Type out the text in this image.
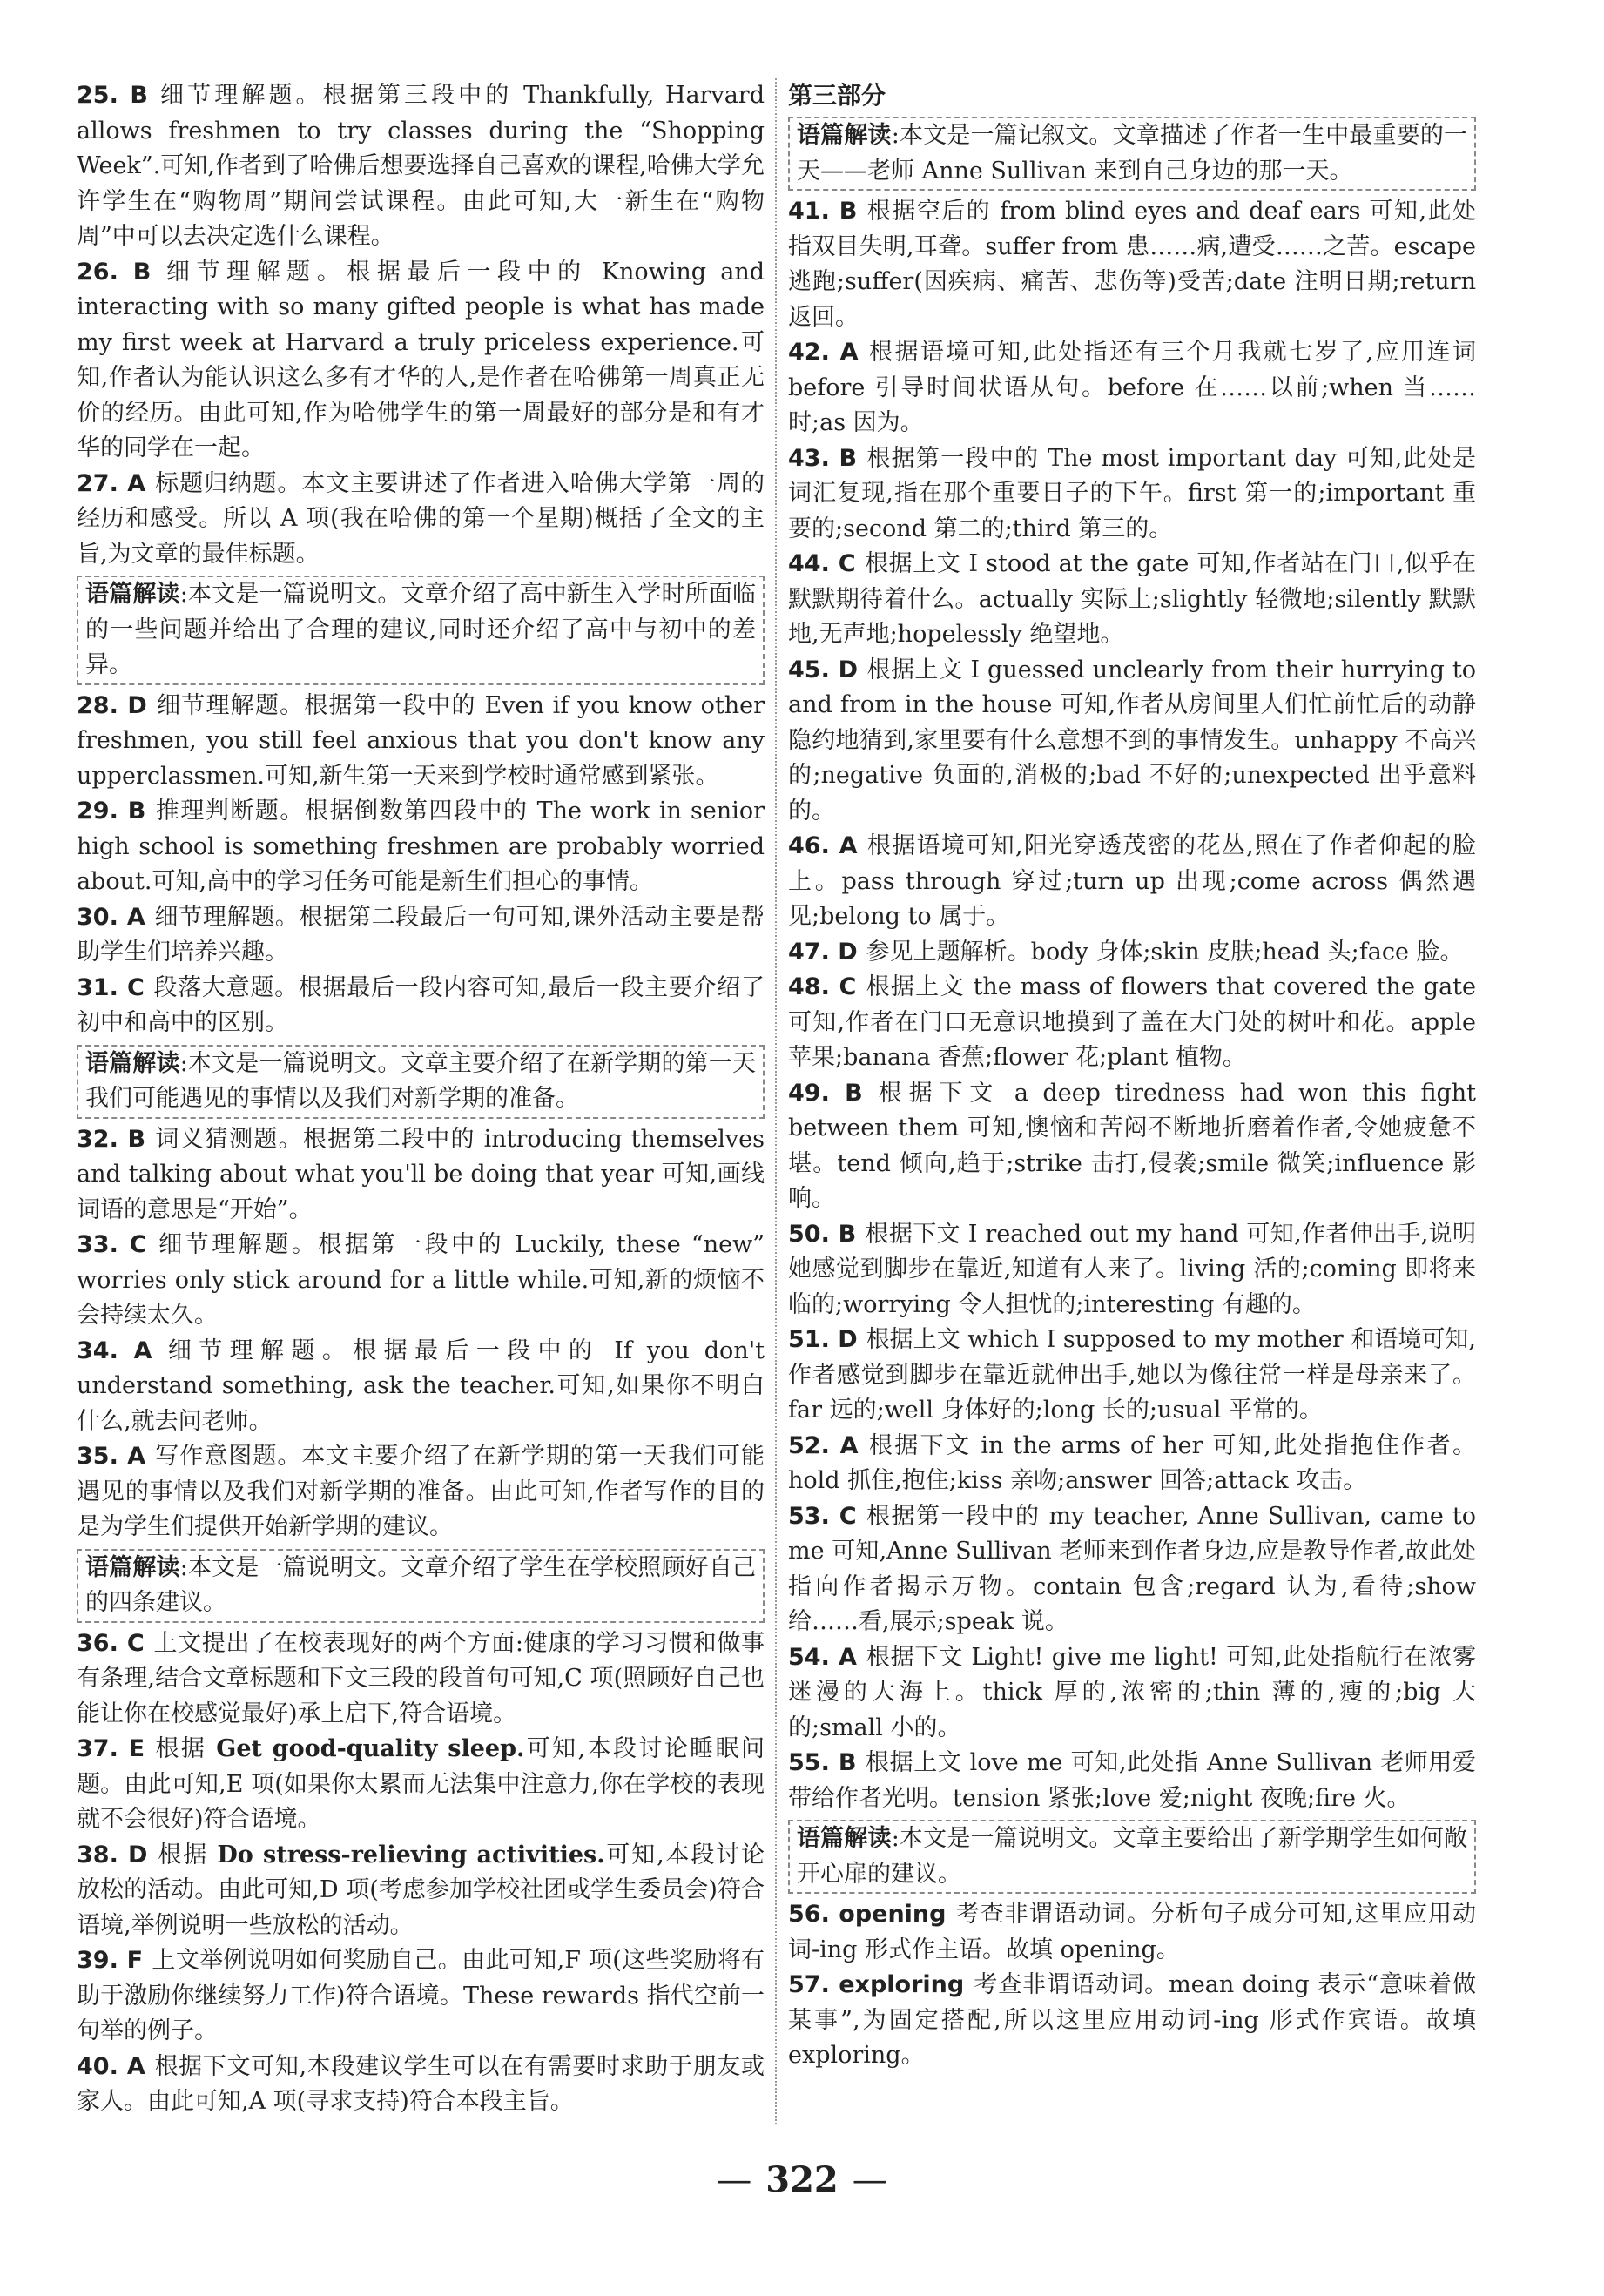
25. B 细节理解题。根据第三段中的 Thankfully, Harvard allows freshmen to try classes during the “Shopping Week”.可知,作者到了哈佛后想要选择自己喜欢的课程,哈佛大学允许学生在“购物周”期间尝试课程。由此可知,大一新生在“购物周”中可以去决定选什么课程。

26. B 细节理解题。根据最后一段中的 Knowing and interacting with so many gifted people is what has made my first week at Harvard a truly priceless experience.可知,作者认为能认识这么多有才华的人,是作者在哈佛第一周真正无价的经历。由此可知,作为哈佛学生的第一周最好的部分是和有才华的同学在一起。

27. A 标题归纳题。本文主要讲述了作者进入哈佛大学第一周的经历和感受。所以 A 项(我在哈佛的第一个星期)概括了全文的主旨,为文章的最佳标题。

语篇解读:本文是一篇说明文。文章介绍了高中新生入学时所面临的一些问题并给出了合理的建议,同时还介绍了高中与初中的差异。

28. D 细节理解题。根据第一段中的 Even if you know other freshmen, you still feel anxious that you don't know any upperclassmen.可知,新生第一天来到学校时通常感到紧张。

29. B 推理判断题。根据倒数第四段中的 The work in senior high school is something freshmen are probably worried about.可知,高中的学习任务可能是新生们担心的事情。

30. A 细节理解题。根据第二段最后一句可知,课外活动主要是帮助学生们培养兴趣。

31. C 段落大意题。根据最后一段内容可知,最后一段主要介绍了初中和高中的区别。

语篇解读:本文是一篇说明文。文章主要介绍了在新学期的第一天我们可能遇见的事情以及我们对新学期的准备。

32. B 词义猜测题。根据第二段中的 introducing themselves and talking about what you'll be doing that year 可知,画线词语的意思是“开始”。

33. C 细节理解题。根据第一段中的 Luckily, these “new” worries only stick around for a little while.可知,新的烦恼不会持续太久。

34. A 细节理解题。根据最后一段中的 If you don't understand something, ask the teacher.可知,如果你不明白什么,就去问老师。

35. A 写作意图题。本文主要介绍了在新学期的第一天我们可能遇见的事情以及我们对新学期的准备。由此可知,作者写作的目的是为学生们提供开始新学期的建议。

语篇解读:本文是一篇说明文。文章介绍了学生在学校照顾好自己的四条建议。

36. C 上文提出了在校表现好的两个方面:健康的学习习惯和做事有条理,结合文章标题和下文三段的段首句可知,C 项(照顾好自己也能让你在校感觉最好)承上启下,符合语境。

37. E 根据 Get good-quality sleep.可知,本段讨论睡眠问题。由此可知,E 项(如果你太累而无法集中注意力,你在学校的表现就不会很好)符合语境。

38. D 根据 Do stress-relieving activities.可知,本段讨论放松的活动。由此可知,D 项(考虑参加学校社团或学生委员会)符合语境,举例说明一些放松的活动。

39. F 上文举例说明如何奖励自己。由此可知,F 项(这些奖励将有助于激励你继续努力工作)符合语境。These rewards 指代空前一句举的例子。

40. A 根据下文可知,本段建议学生可以在有需要时求助于朋友或家人。由此可知,A 项(寻求支持)符合本段主旨。

第三部分
语篇解读:本文是一篇记叙文。文章描述了作者一生中最重要的一天——老师 Anne Sullivan 来到自己身边的那一天。

41. B 根据空后的 from blind eyes and deaf ears 可知,此处指双目失明,耳聋。suffer from 患……病,遭受……之苦。escape 逃跑;suffer(因疾病、痛苦、悲伤等)受苦;date 注明日期;return 返回。

42. A 根据语境可知,此处指还有三个月我就七岁了,应用连词 before 引导时间状语从句。before 在……以前;when 当……时;as 因为。

43. B 根据第一段中的 The most important day 可知,此处是词汇复现,指在那个重要日子的下午。first 第一的;important 重要的;second 第二的;third 第三的。

44. C 根据上文 I stood at the gate 可知,作者站在门口,似乎在默默期待着什么。actually 实际上;slightly 轻微地;silently 默默地,无声地;hopelessly 绝望地。

45. D 根据上文 I guessed unclearly from their hurrying to and from in the house 可知,作者从房间里人们忙前忙后的动静隐约地猜到,家里要有什么意想不到的事情发生。unhappy 不高兴的;negative 负面的,消极的;bad 不好的;unexpected 出乎意料的。

46. A 根据语境可知,阳光穿透茂密的花丛,照在了作者仰起的脸上。pass through 穿过;turn up 出现;come across 偶然遇见;belong to 属于。

47. D 参见上题解析。body 身体;skin 皮肤;head 头;face 脸。

48. C 根据上文 the mass of flowers that covered the gate 可知,作者在门口无意识地摸到了盖在大门处的树叶和花。apple 苹果;banana 香蕉;flower 花;plant 植物。

49. B 根据下文 a deep tiredness had won this fight between them 可知,懊恼和苦闷不断地折磨着作者,令她疲惫不堪。tend 倾向,趋于;strike 击打,侵袭;smile 微笑;influence 影响。

50. B 根据下文 I reached out my hand 可知,作者伸出手,说明她感觉到脚步在靠近,知道有人来了。living 活的;coming 即将来临的;worrying 令人担忧的;interesting 有趣的。

51. D 根据上文 which I supposed to my mother 和语境可知,作者感觉到脚步在靠近就伸出手,她以为像往常一样是母亲来了。far 远的;well 身体好的;long 长的;usual 平常的。

52. A 根据下文 in the arms of her 可知,此处指抱住作者。hold 抓住,抱住;kiss 亲吻;answer 回答;attack 攻击。

53. C 根据第一段中的 my teacher, Anne Sullivan, came to me 可知,Anne Sullivan 老师来到作者身边,应是教导作者,故此处指向作者揭示万物。contain 包含;regard 认为,看待;show 给……看,展示;speak 说。

54. A 根据下文 Light! give me light! 可知,此处指航行在浓雾迷漫的大海上。thick 厚的,浓密的;thin 薄的,瘦的;big 大的;small 小的。

55. B 根据上文 love me 可知,此处指 Anne Sullivan 老师用爱带给作者光明。tension 紧张;love 爱;night 夜晚;fire 火。

语篇解读:本文是一篇说明文。文章主要给出了新学期学生如何敞开心扉的建议。

56. opening 考查非谓语动词。分析句子成分可知,这里应用动词-ing 形式作主语。故填 opening。

57. exploring 考查非谓语动词。mean doing 表示“意味着做某事”,为固定搭配,所以这里应用动词-ing 形式作宾语。故填 exploring。

— 322 —
